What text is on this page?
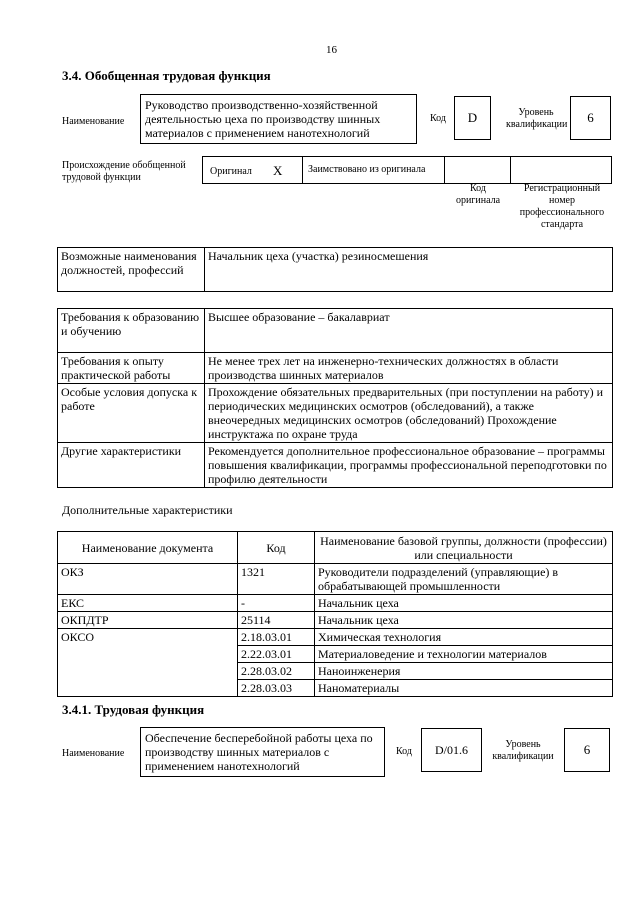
16
3.4. Обобщенная трудовая функция
Наименование
Руководство производственно-хозяйственной деятельностью цеха по производству шинных материалов с применением нанотехнологий
Код	D	Уровень квалификации	6
Происхождение обобщенной трудовой функции
Оригинал X	Заимствовано из оригинала
Код оригинала
Регистрационный номер профессионального стандарта
Возможные наименования должностей, профессий	Начальник цеха (участка) резиносмешения
Требования к образованию и обучению	Высшее образование – бакалавриат
Требования к опыту практической работы	Не менее трех лет на инженерно-технических должностях в области производства шинных материалов
Особые условия допуска к работе	Прохождение обязательных предварительных (при поступлении на работу) и периодических медицинских осмотров (обследований), а также внеочередных медицинских осмотров (обследований) Прохождение инструктажа по охране труда
Другие характеристики	Рекомендуется дополнительное профессиональное образование – программы повышения квалификации, программы профессиональной переподготовки по профилю деятельности
Дополнительные характеристики
Наименование документа	Код	Наименование базовой группы, должности (профессии) или специальности
ОКЗ	1321	Руководители подразделений (управляющие) в обрабатывающей промышленности
ЕКС	-	Начальник цеха
ОКПДТР	25114	Начальник цеха
ОКСО	2.18.03.01	Химическая технология
	2.22.03.01	Материаловедение и технологии материалов
	2.28.03.02	Наноинженерия
	2.28.03.03	Наноматериалы
3.4.1. Трудовая функция
Наименование
Обеспечение бесперебойной работы цеха по производству шинных материалов с применением нанотехнологий
Код	D/01.6	Уровень квалификации	6
